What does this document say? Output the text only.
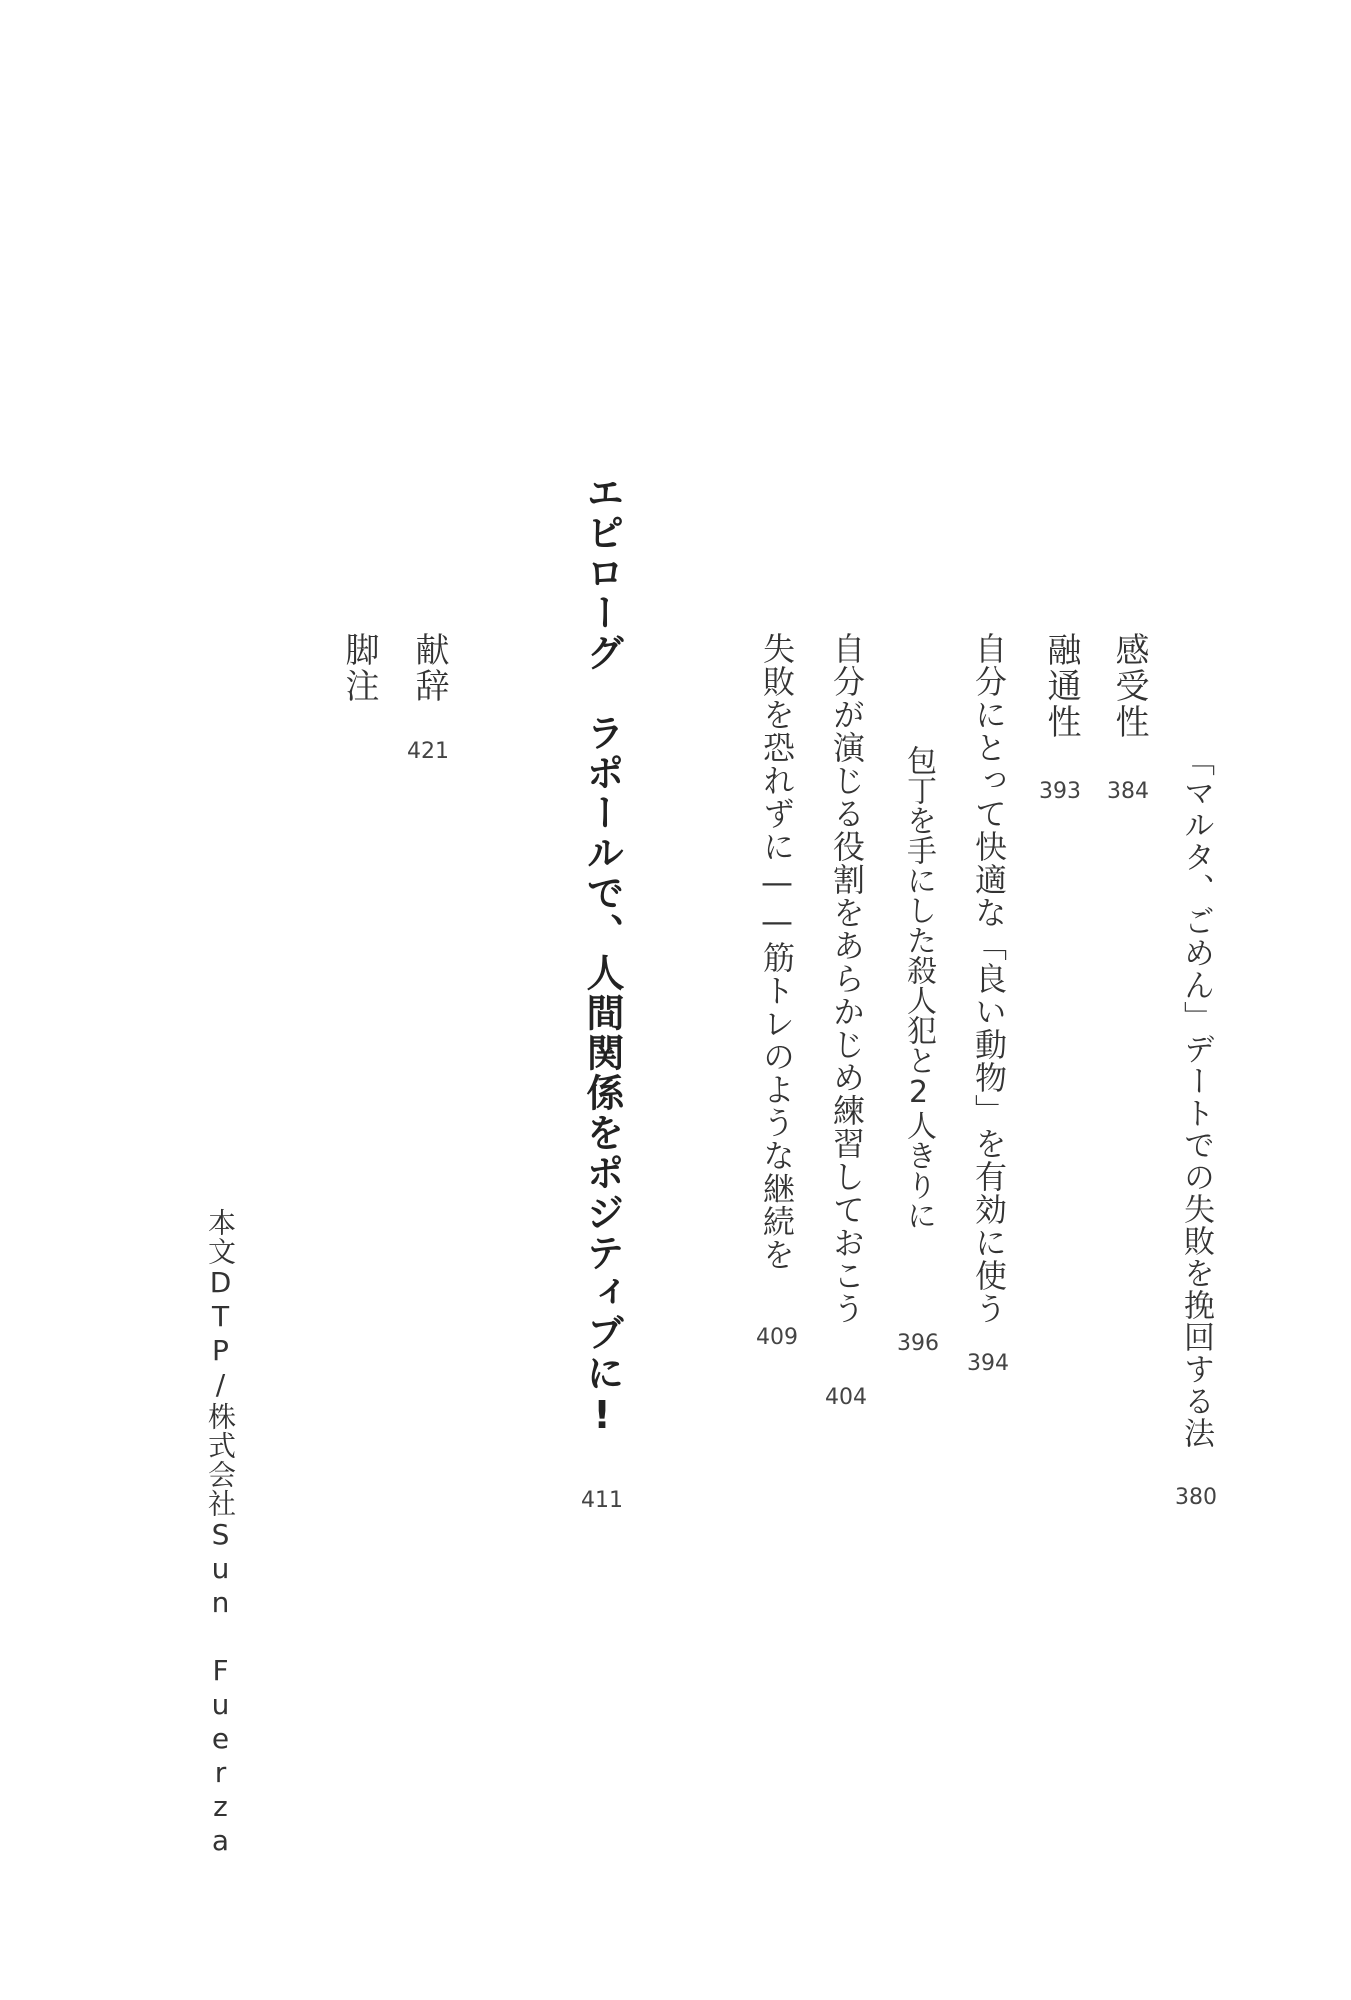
「マルタ、ごめん」デートでの失敗を挽回する法

380

感受性

384

融通性

393

自分にとって快適な「良い動物」を有効に使う

394

包丁を手にした殺人犯と2人きりに

396

自分が演じる役割をあらかじめ練習しておこう

404

失敗を恐れずに——筋トレのような継続を

409
エピローグ　ラポールで、人間関係をポジティブに!
411

献辞

421

脚注

本文DTP/株式会社Sun Fuerza
